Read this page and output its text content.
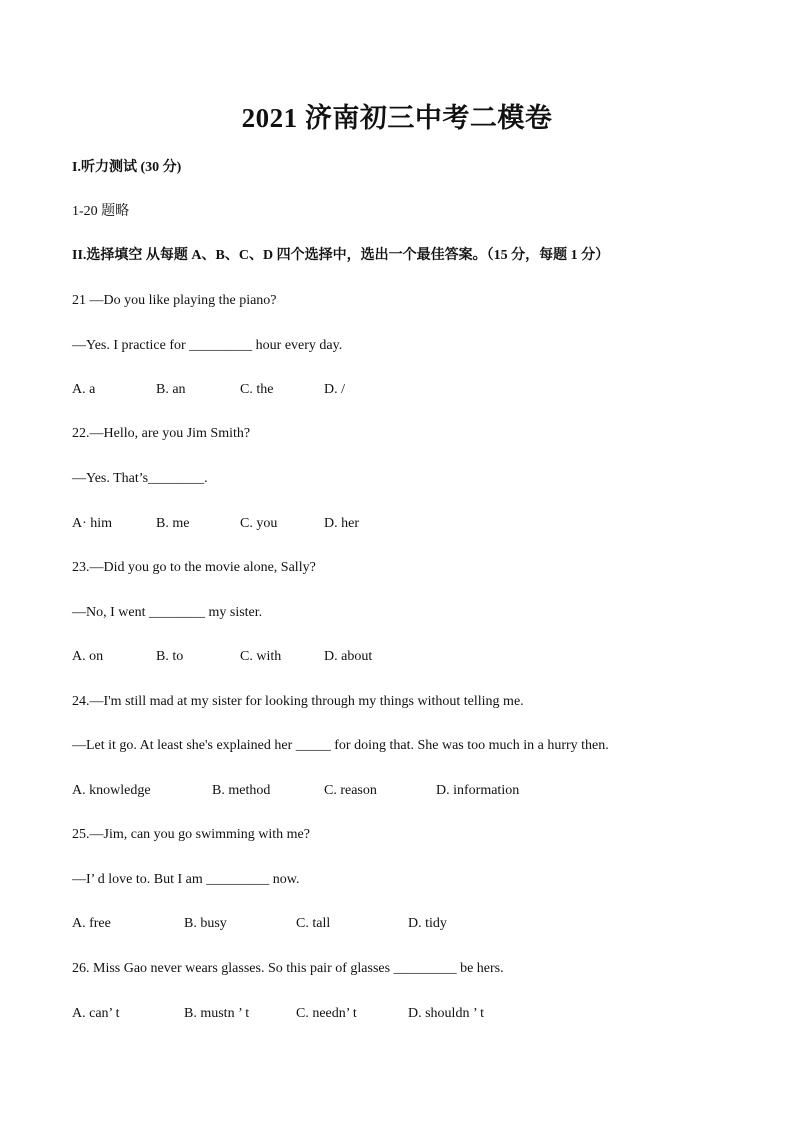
2021 济南初三中考二模卷
I.听力测试 (30 分)
1-20 题略
II.选择填空 从每题 A、B、C、D 四个选择中，选出一个最佳答案。（15 分，每题 1 分）
21 —Do you like playing the piano?
—Yes. I practice for _________ hour every day.
A. a	B. an	C. the	D. /
22.—Hello, are you Jim Smith?
—Yes. That’s________.
A· him	B. me	C. you	D. her
23.—Did you go to the movie alone, Sally?
—No, I went ________ my sister.
A. on	B. to	C. with	D. about
24.—I'm still mad at my sister for looking through my things without telling me.
—Let it go. At least she's explained her _____ for doing that. She was too much in a hurry then.
A. knowledge	B. method	C. reason	D. information
25.—Jim, can you go swimming with me?
—I’ d love to. But I am _________ now.
A. free	B. busy	C. tall	D. tidy
26. Miss Gao never wears glasses. So this pair of glasses _________ be hers.
A. can’ t	B. mustn ’ t	C. needn’ t	D. shouldn ’ t
